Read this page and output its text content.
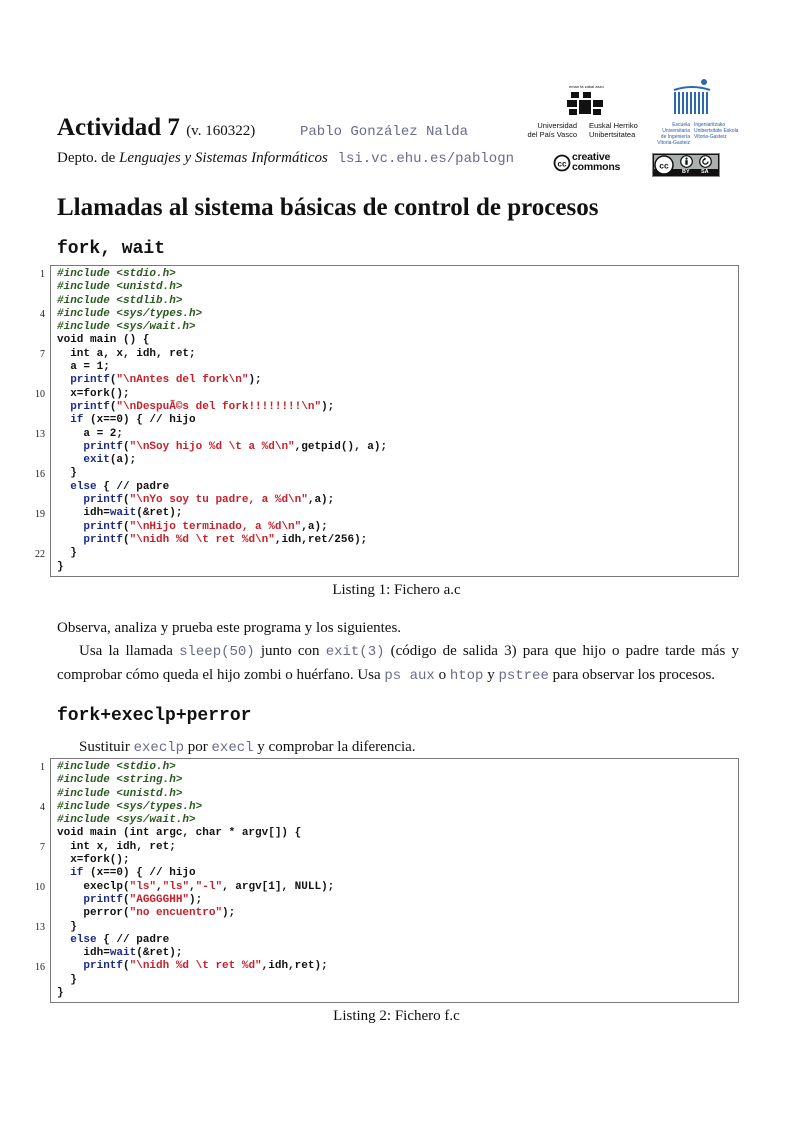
Actividad 7 (v. 160322)	Pablo González Nalda
Depto. de Lenguajes y Sistemas Informáticos lsi.vc.ehu.es/pablogn
eman ta zabal zazu
Universidad
del País Vasco
Euskal Herriko
Unibertsitatea
Escuela Universitaria
de Ingeniería
Vitoria-Gasteiz
Ingeniaritzako
Unibertsitate Eskola
Vitoria-Gasteiz
cc
creative
commons	cc
BY SA
Llamadas al sistema básicas de control de procesos
fork, wait
1
4
7
10
13
16
19
22
#include <stdio.h>
#include <unistd.h>
#include <stdlib.h>
#include <sys/types.h>
#include <sys/wait.h>
void main () {
int a, x, idh, ret;
a = 1;
printf("\nAntes del fork\n");
x=fork();
printf("\nDespuÃ©s del fork!!!!!!!!\n");
if (x==0) { // hijo
a = 2;
printf("\nSoy hijo %d \t a %d\n",getpid(), a);
exit(a);
}
else { // padre
printf("\nYo soy tu padre, a %d\n",a);
idh=wait(&ret);
printf("\nHijo terminado, a %d\n",a);
printf("\nidh %d \t ret %d\n",idh,ret/256);
}
}
Listing 1: Fichero a.c
Observa, analiza y prueba este programa y los siguientes.
Usa la llamada sleep(50) junto con exit(3) (código de salida 3) para que hijo o padre tarde más y comprobar cómo queda el hijo zombi o huérfano. Usa ps aux o htop y pstree para observar los procesos.
fork+execlp+perror
Sustituir execlp por execl y comprobar la diferencia.
1
4
7
10
13
16
#include <stdio.h>
#include <string.h>
#include <unistd.h>
#include <sys/types.h>
#include <sys/wait.h>
void main (int argc, char * argv[]) {
int x, idh, ret;
x=fork();
if (x==0) { // hijo
execlp("ls","ls","-l", argv[1], NULL);
printf("AGGGGHH");
perror("no encuentro");
}
else { // padre
idh=wait(&ret);
printf("\nidh %d \t ret %d",idh,ret);
}
}
Listing 2: Fichero f.c
